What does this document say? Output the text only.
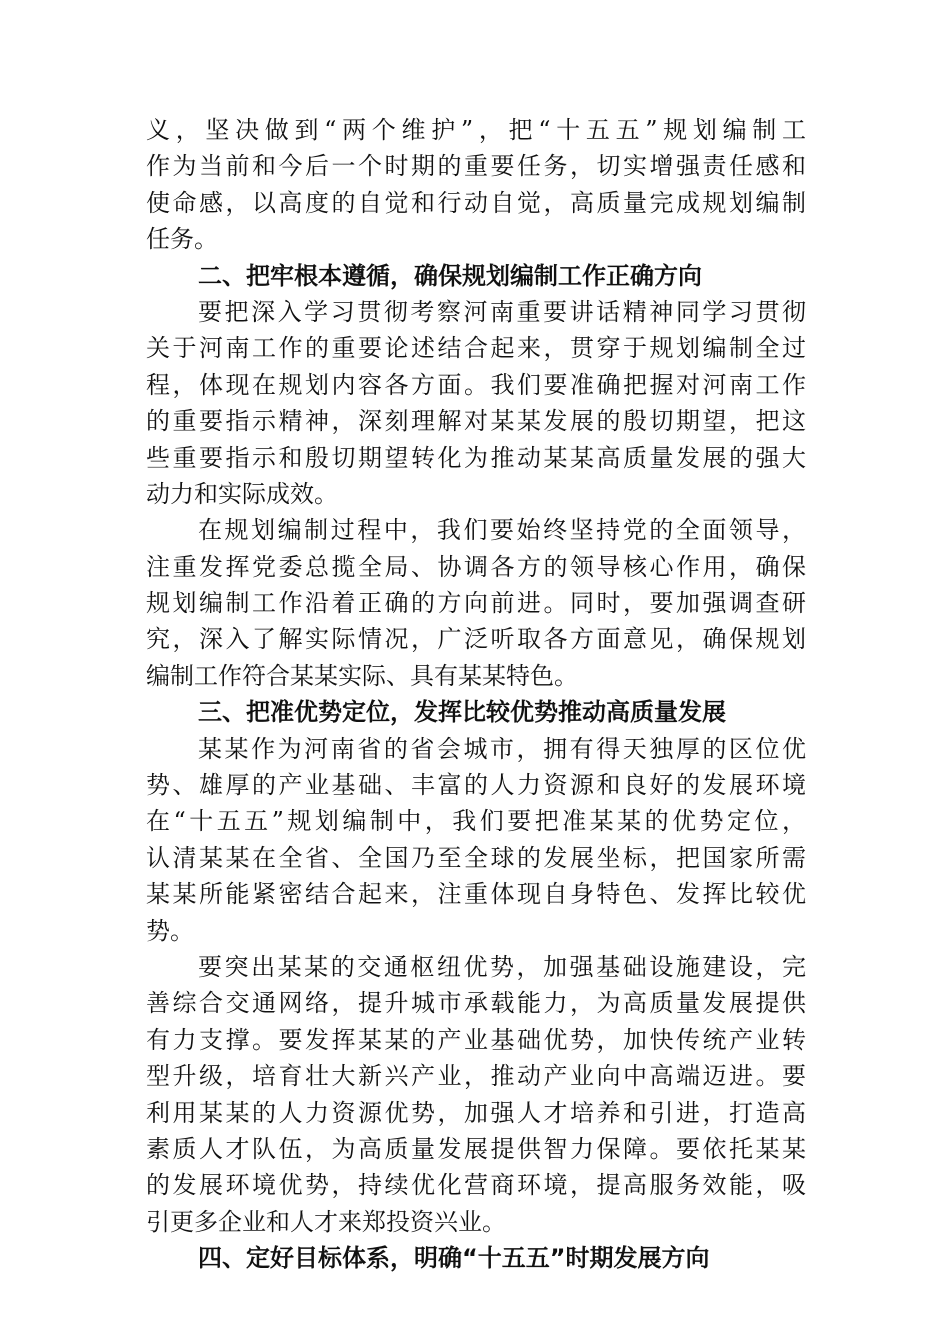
义，坚决做到“两个维护”，把“十五五”规划编制工
作为当前和今后一个时期的重要任务，切实增强责任感和
使命感，以高度的自觉和行动自觉，高质量完成规划编制
任务。
二、把牢根本遵循，确保规划编制工作正确方向
要把深入学习贯彻考察河南重要讲话精神同学习贯彻
关于河南工作的重要论述结合起来，贯穿于规划编制全过
程，体现在规划内容各方面。我们要准确把握对河南工作
的重要指示精神，深刻理解对某某发展的殷切期望，把这
些重要指示和殷切期望转化为推动某某高质量发展的强大
动力和实际成效。
在规划编制过程中，我们要始终坚持党的全面领导，
注重发挥党委总揽全局、协调各方的领导核心作用，确保
规划编制工作沿着正确的方向前进。同时，要加强调查研
究，深入了解实际情况，广泛听取各方面意见，确保规划
编制工作符合某某实际、具有某某特色。
三、把准优势定位，发挥比较优势推动高质量发展
某某作为河南省的省会城市，拥有得天独厚的区位优
势、雄厚的产业基础、丰富的人力资源和良好的发展环境
在“十五五”规划编制中，我们要把准某某的优势定位，
认清某某在全省、全国乃至全球的发展坐标，把国家所需
某某所能紧密结合起来，注重体现自身特色、发挥比较优
势。
要突出某某的交通枢纽优势，加强基础设施建设，完
善综合交通网络，提升城市承载能力，为高质量发展提供
有力支撑。要发挥某某的产业基础优势，加快传统产业转
型升级，培育壮大新兴产业，推动产业向中高端迈进。要
利用某某的人力资源优势，加强人才培养和引进，打造高
素质人才队伍，为高质量发展提供智力保障。要依托某某
的发展环境优势，持续优化营商环境，提高服务效能，吸
引更多企业和人才来郑投资兴业。
四、定好目标体系，明确“十五五”时期发展方向
